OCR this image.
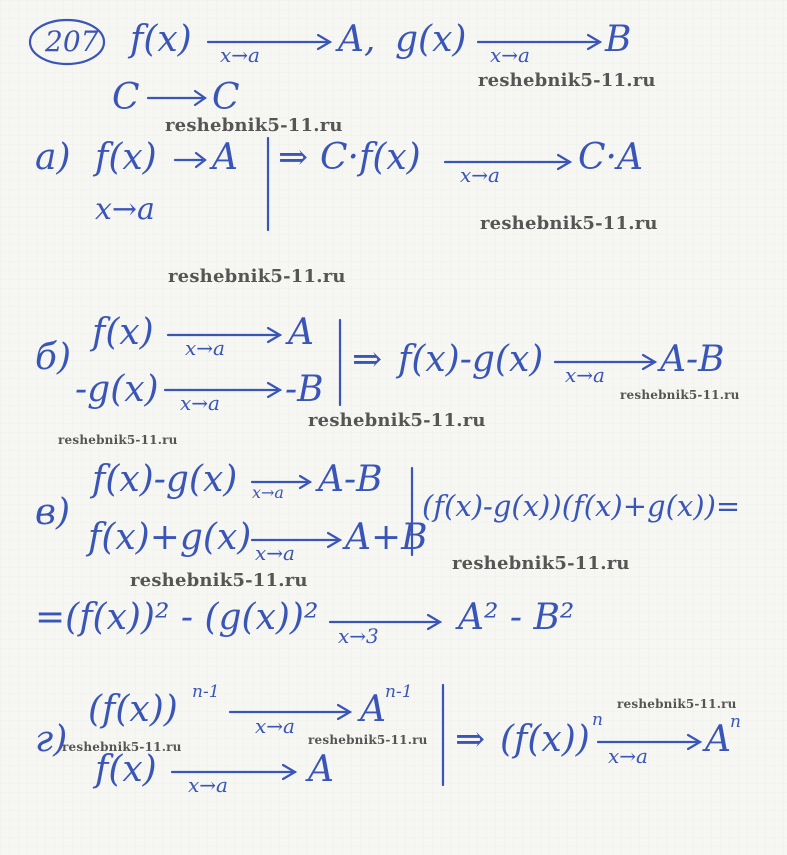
207 f(x) x→a A, g(x) x→a B
C C
a) f(x) A
x→a
⇒ C·f(x) x→a C·A
б)
f(x) x→a A
-g(x) x→a -B
⇒ f(x)-g(x) x→a A-B
в)
f(x)-g(x) x→a A-B
f(x)+g(x) x→a A+B
(f(x)-g(x))(f(x)+g(x))=
=(f(x))² - (g(x))² x→3 A² - B²
г)
(f(x)) n-1
x→a A n-1
f(x) x→a A
⇒ (f(x)) n
x→a A n
reshebnik5-11.ru
reshebnik5-11.ru
reshebnik5-11.ru
reshebnik5-11.ru
reshebnik5-11.ru
reshebnik5-11.ru
reshebnik5-11.ru
reshebnik5-11.ru
reshebnik5-11.ru
reshebnik5-11.ru
reshebnik5-11.ru
reshebnik5-11.ru
